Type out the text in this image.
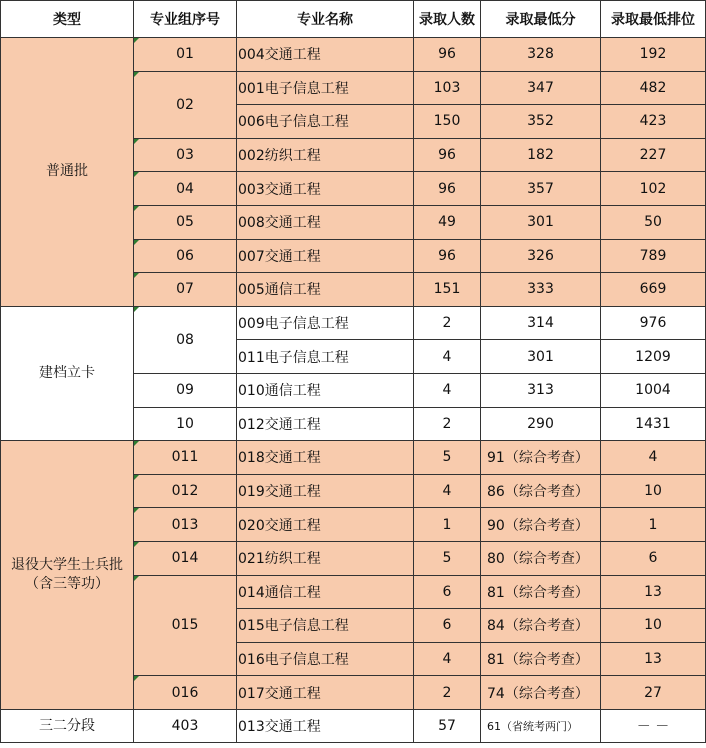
类型	专业组序号	专业名称	录取人数	录取最低分	录取最低排位
普通批	01	004交通工程	96	328	192
	02	001电子信息工程	103	347	482
		006电子信息工程	150	352	423
	03	002纺织工程	96	182	227
	04	003交通工程	96	357	102
	05	008交通工程	49	301	50
	06	007交通工程	96	326	789
	07	005通信工程	151	333	669
建档立卡	08	009电子信息工程	2	314	976
		011电子信息工程	4	301	1209
	09	010通信工程	4	313	1004
	10	012交通工程	2	290	1431

退役大学生士兵批
（含三等功）	011	018交通工程	5	91（综合考查）	4
	012	019交通工程	4	86（综合考查）	10
	013	020交通工程	1	90（综合考查）	1
	014	021纺织工程	5	80（综合考查）	6
	015	014通信工程	6	81（综合考查）	13
		015电子信息工程	6	84（综合考查）	10
		016电子信息工程	4	81（综合考查）	13
	016	017交通工程	2	74（综合考查）	27
三二分段	403	013交通工程	57	61（省统考两门）	－ －
